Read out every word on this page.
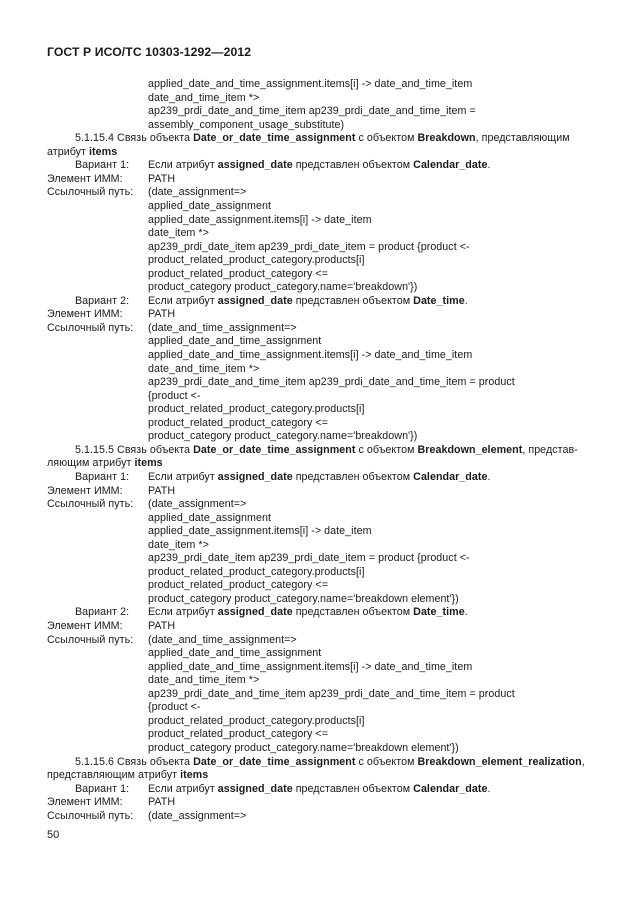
ГОСТ Р ИСО/ТС 10303-1292—2012
applied_date_and_time_assignment.items[i] -> date_and_time_item
date_and_time_item *>
ap239_prdi_date_and_time_item ap239_prdi_date_and_time_item =
assembly_component_usage_substitute)
5.1.15.4 Связь объекта Date_or_date_time_assignment с объектом Breakdown, представляющим
атрибут items
Вариант 1: Если атрибут assigned_date представлен объектом Calendar_date.
Элемент ИММ: PATH
Ссылочный путь: (date_assignment=>
applied_date_assignment
applied_date_assignment.items[i] -> date_item
date_item *>
ap239_prdi_date_item ap239_prdi_date_item = product {product <-
product_related_product_category.products[i]
product_related_product_category <=
product_category product_category.name='breakdown'})
Вариант 2: Если атрибут assigned_date представлен объектом Date_time.
Элемент ИММ: PATH
Ссылочный путь: (date_and_time_assignment=>
applied_date_and_time_assignment
applied_date_and_time_assignment.items[i] -> date_and_time_item
date_and_time_item *>
ap239_prdi_date_and_time_item ap239_prdi_date_and_time_item = product
{product <-
product_related_product_category.products[i]
product_related_product_category <=
product_category product_category.name='breakdown'})
5.1.15.5 Связь объекта Date_or_date_time_assignment с объектом Breakdown_element, представ-
ляющим атрибут items
Вариант 1: Если атрибут assigned_date представлен объектом Calendar_date.
Элемент ИММ: PATH
Ссылочный путь: (date_assignment=>
applied_date_assignment
applied_date_assignment.items[i] -> date_item
date_item *>
ap239_prdi_date_item ap239_prdi_date_item = product {product <-
product_related_product_category.products[i]
product_related_product_category <=
product_category product_category.name='breakdown element'})
Вариант 2: Если атрибут assigned_date представлен объектом Date_time.
Элемент ИММ: PATH
Ссылочный путь: (date_and_time_assignment=>
applied_date_and_time_assignment
applied_date_and_time_assignment.items[i] -> date_and_time_item
date_and_time_item *>
ap239_prdi_date_and_time_item ap239_prdi_date_and_time_item = product
{product <-
product_related_product_category.products[i]
product_related_product_category <=
product_category product_category.name='breakdown element'})
5.1.15.6 Связь объекта Date_or_date_time_assignment с объектом Breakdown_element_realization,
представляющим атрибут items
Вариант 1: Если атрибут assigned_date представлен объектом Calendar_date.
Элемент ИММ: PATH
Ссылочный путь: (date_assignment=>
50
